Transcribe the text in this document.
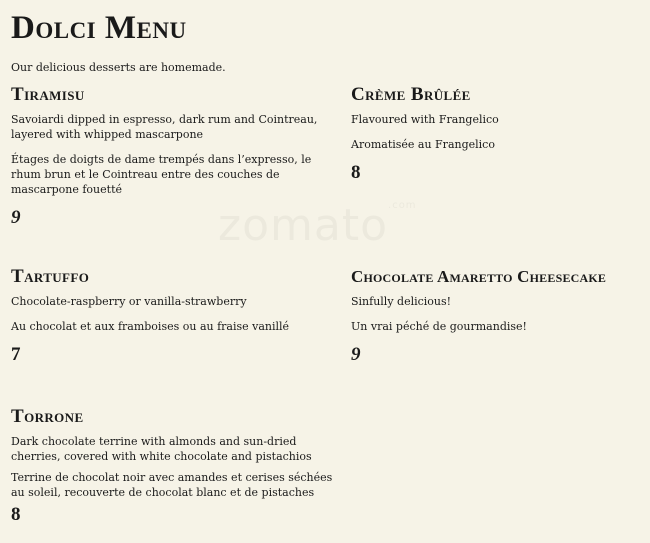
zomato$^{.com}$
Dolci Menu
Our delicious desserts are homemade.
Tiramisu
Savoiardi dipped in espresso, dark rum and Cointreau, layered with whipped mascarpone
Étages de doigts de dame trempés dans l’expresso, le rhum brun et le Cointreau entre des couches de mascarpone fouetté
9
Crème Brûlée
Flavoured with Frangelico
Aromatisée au Frangelico
8
Tartuffo
Chocolate-raspberry or vanilla-strawberry
Au chocolat et aux framboises ou au fraise vanillé
7
Chocolate Amaretto Cheesecake
Sinfully delicious!
Un vrai péché de gourmandise!
9
Torrone
Dark chocolate terrine with almonds and sun-dried cherries, covered with white chocolate and pistachios
Terrine de chocolat noir avec amandes et cerises séchées au soleil, recouverte de chocolat blanc et de pistaches
8
